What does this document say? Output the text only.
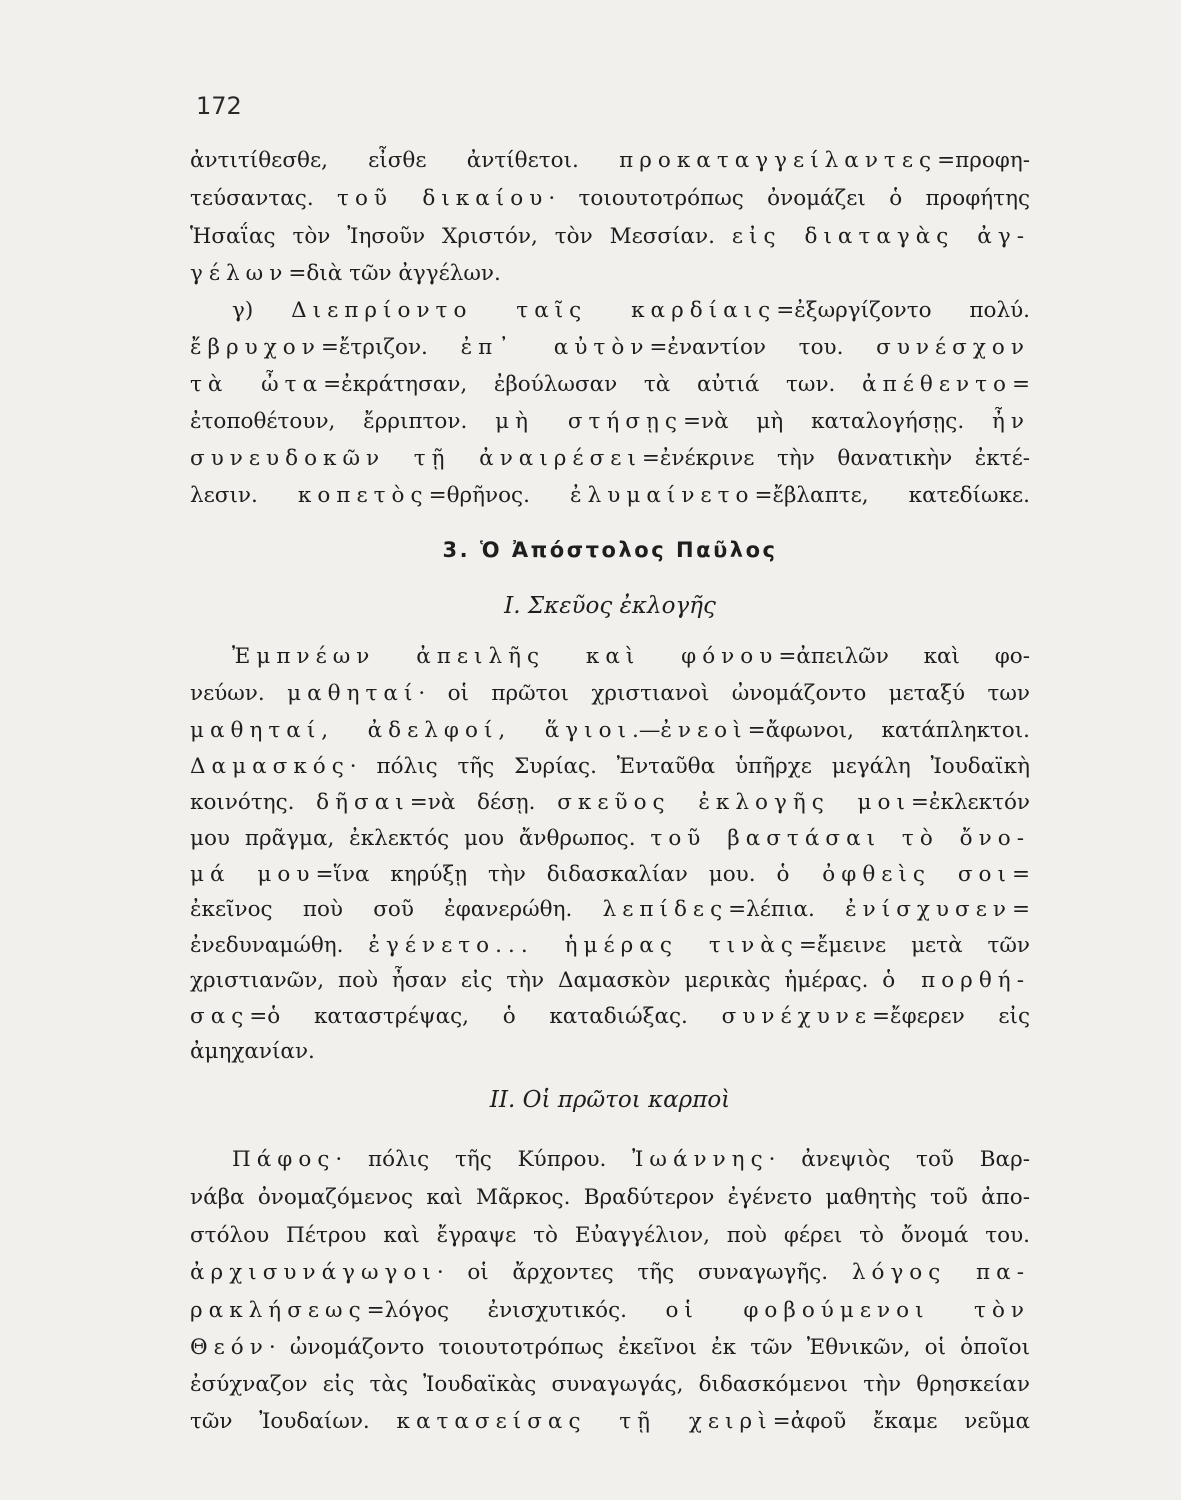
172
ἀντιτίθεσθε, εἶσθε ἀντίθετοι. προκαταγγείλαντες=προφη-
τεύσαντας. τοῦ δικαίου· τοιουτοτρόπως ὀνομάζει ὁ προφήτης
Ἡσαΐας τὸν Ἰησοῦν Χριστόν, τὸν Μεσσίαν. εἰς διαταγὰς ἀγ-
γέλων=διὰ τῶν ἀγγέλων.
γ) Διεπρίοντο ταῖς καρδίαις=ἐξωργίζοντο πολύ.
ἔβρυχον=ἔτριζον. ἐπ᾽ αὐτὸν=ἐναντίον του. συνέσχον
τὰ ὦτα=ἐκράτησαν, ἐβούλωσαν τὰ αὐτιά των. ἀπέθεντο=
ἐτοποθέτουν, ἔρριπτον. μὴ στήσῃς=νὰ μὴ καταλογήσῃς. ἦν
συνευδοκῶν τῇ ἀναιρέσει=ἐνέκρινε τὴν θανατικὴν ἐκτέ-
λεσιν. κοπετὸς=θρῆνος. ἐλυμαίνετο=ἔβλαπτε, κατεδίωκε.
3. Ὁ Ἀπόστολος Παῦλος
I. Σκεῦος ἐκλογῆς
Ἐμπνέων ἀπειλῆς καὶ φόνου=ἀπειλῶν καὶ φο-
νεύων. μαθηταί· οἱ πρῶτοι χριστιανοὶ ὠνομάζοντο μεταξύ των
μαθηταί, ἀδελφοί, ἅγιοι.—ἐνεοὶ=ἄφωνοι, κατάπληκτοι.
Δαμασκός· πόλις τῆς Συρίας. Ἐνταῦθα ὑπῆρχε μεγάλη Ἰουδαϊκὴ
κοινότης. δῆσαι=νὰ δέσῃ. σκεῦος ἐκλογῆς μοι=ἐκλεκτόν
μου πρᾶγμα, ἐκλεκτός μου ἄνθρωπος. τοῦ βαστάσαι τὸ ὄνο-
μά μου=ἵνα κηρύξῃ τὴν διδασκαλίαν μου. ὁ ὀφθεὶς σοι=
ἐκεῖνος ποὺ σοῦ ἐφανερώθη. λεπίδες=λέπια. ἐνίσχυσεν=
ἐνεδυναμώθη. ἐγένετο... ἡμέρας τινὰς=ἔμεινε μετὰ τῶν
χριστιανῶν, ποὺ ἦσαν εἰς τὴν Δαμασκὸν μερικὰς ἡμέρας. ὁ πορθή-
σας=ὁ καταστρέψας, ὁ καταδιώξας. συνέχυνε=ἔφερεν εἰς
ἀμηχανίαν.
II. Οἱ πρῶτοι καρποὶ
Πάφος· πόλις τῆς Κύπρου. Ἰωάννης· ἀνεψιὸς τοῦ Βαρ-
νάβα ὀνομαζόμενος καὶ Μᾶρκος. Βραδύτερον ἐγένετο μαθητὴς τοῦ ἀπο-
στόλου Πέτρου καὶ ἔγραψε τὸ Εὐαγγέλιον, ποὺ φέρει τὸ ὄνομά του.
ἀρχισυνάγωγοι· οἱ ἄρχοντες τῆς συναγωγῆς. λόγος πα-
ρακλήσεως=λόγος ἐνισχυτικός. οἱ φοβούμενοι τὸν
Θεόν· ὠνομάζοντο τοιουτοτρόπως ἐκεῖνοι ἐκ τῶν Ἐθνικῶν, οἱ ὁποῖοι
ἐσύχναζον εἰς τὰς Ἰουδαϊκὰς συναγωγάς, διδασκόμενοι τὴν θρησκείαν
τῶν Ἰουδαίων. κατασείσας τῇ χειρὶ=ἀφοῦ ἔκαμε νεῦμα
